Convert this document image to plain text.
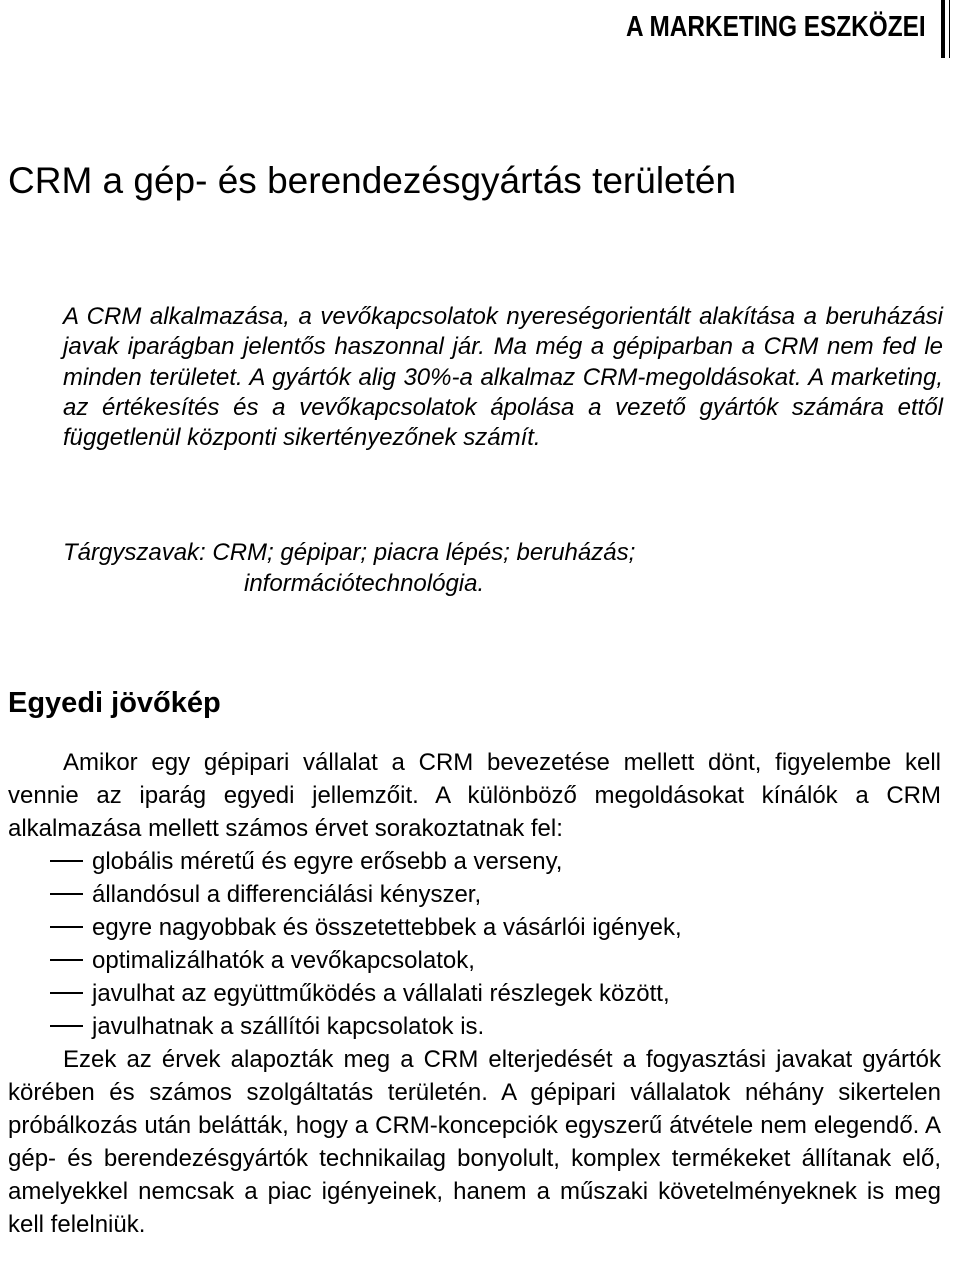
A MARKETING ESZKÖZEI
CRM a gép- és berendezésgyártás területén

A CRM alkalmazása, a vevőkapcsolatok nyereségorientált alakítása a beruházási javak iparágban jelentős haszonnal jár. Ma még a gépiparban a CRM nem fed le minden területet. A gyártók alig 30%-a alkalmaz CRM-megoldásokat. A marketing, az értékesítés és a vevőkapcsolatok ápolása a vezető gyártók számára ettől függetlenül központi sikertényezőnek számít.

Tárgyszavak: CRM; gépipar; piacra lépés; beruházás;
információtechnológia.

Egyedi jövőkép

Amikor egy gépipari vállalat a CRM bevezetése mellett dönt, figyelembe kell vennie az iparág egyedi jellemzőit. A különböző megoldásokat kínálók a CRM alkalmazása mellett számos érvet sorakoztatnak fel:

globális méretű és egyre erősebb a verseny,
állandósul a differenciálási kényszer,
egyre nagyobbak és összetettebbek a vásárlói igények,
optimalizálhatók a vevőkapcsolatok,
javulhat az együttműködés a vállalati részlegek között,
javulhatnak a szállítói kapcsolatok is.

Ezek az érvek alapozták meg a CRM elterjedését a fogyasztási javakat gyártók körében és számos szolgáltatás területén. A gépipari vállalatok néhány sikertelen próbálkozás után belátták, hogy a CRM-koncepciók egyszerű átvétele nem elegendő. A gép- és berendezésgyártók technikailag bonyolult, komplex termékeket állítanak elő, amelyekkel nemcsak a piac igényeinek, hanem a műszaki követelményeknek is meg kell felelniük.
